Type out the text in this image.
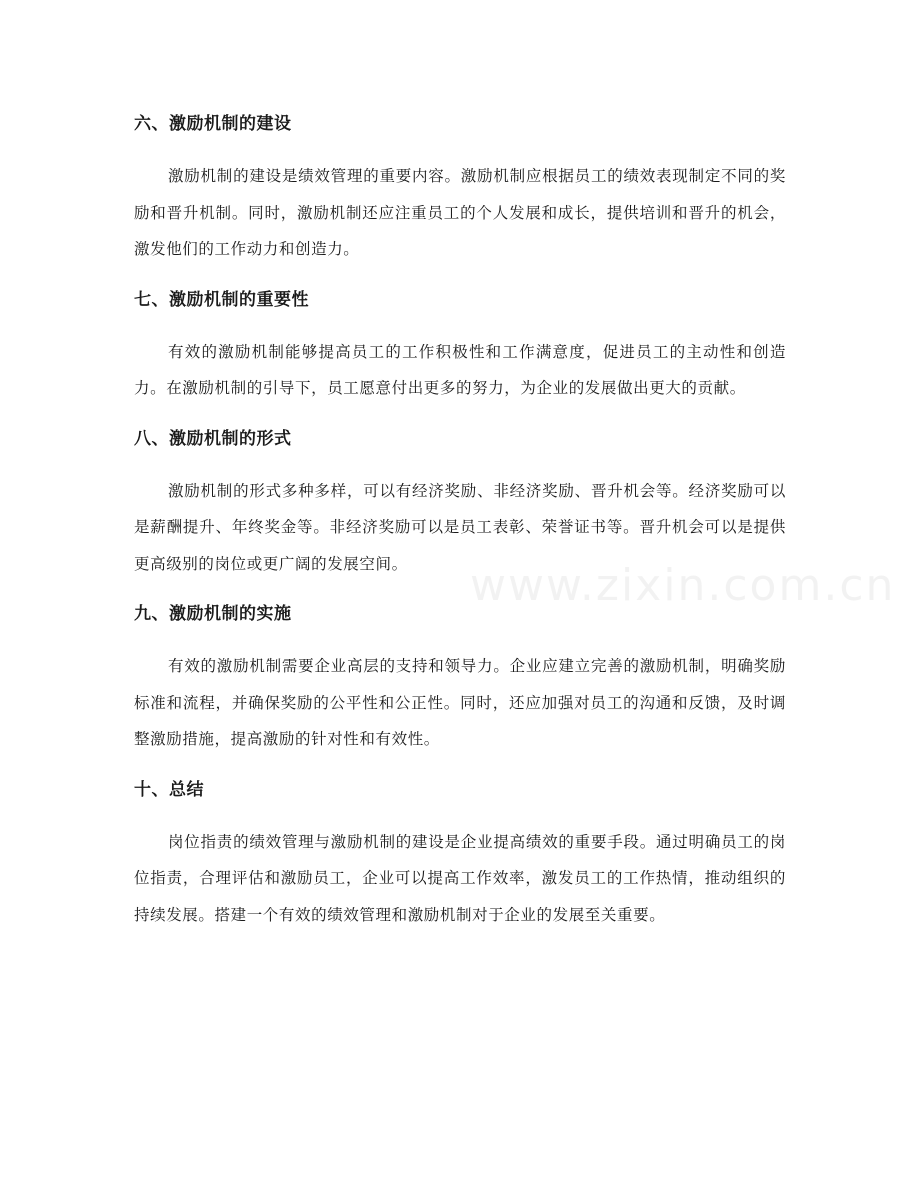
六、激励机制的建设

激励机制的建设是绩效管理的重要内容。激励机制应根据员工的绩效表现制定不同的奖励和晋升机制。同时，激励机制还应注重员工的个人发展和成长，提供培训和晋升的机会，激发他们的工作动力和创造力。

七、激励机制的重要性

有效的激励机制能够提高员工的工作积极性和工作满意度，促进员工的主动性和创造力。在激励机制的引导下，员工愿意付出更多的努力，为企业的发展做出更大的贡献。

八、激励机制的形式

激励机制的形式多种多样，可以有经济奖励、非经济奖励、晋升机会等。经济奖励可以是薪酬提升、年终奖金等。非经济奖励可以是员工表彰、荣誉证书等。晋升机会可以是提供更高级别的岗位或更广阔的发展空间。

九、激励机制的实施

有效的激励机制需要企业高层的支持和领导力。企业应建立完善的激励机制，明确奖励标准和流程，并确保奖励的公平性和公正性。同时，还应加强对员工的沟通和反馈，及时调整激励措施，提高激励的针对性和有效性。

十、总结

岗位指责的绩效管理与激励机制的建设是企业提高绩效的重要手段。通过明确员工的岗位指责，合理评估和激励员工，企业可以提高工作效率，激发员工的工作热情，推动组织的持续发展。搭建一个有效的绩效管理和激励机制对于企业的发展至关重要。

www.zixin.com.cn
